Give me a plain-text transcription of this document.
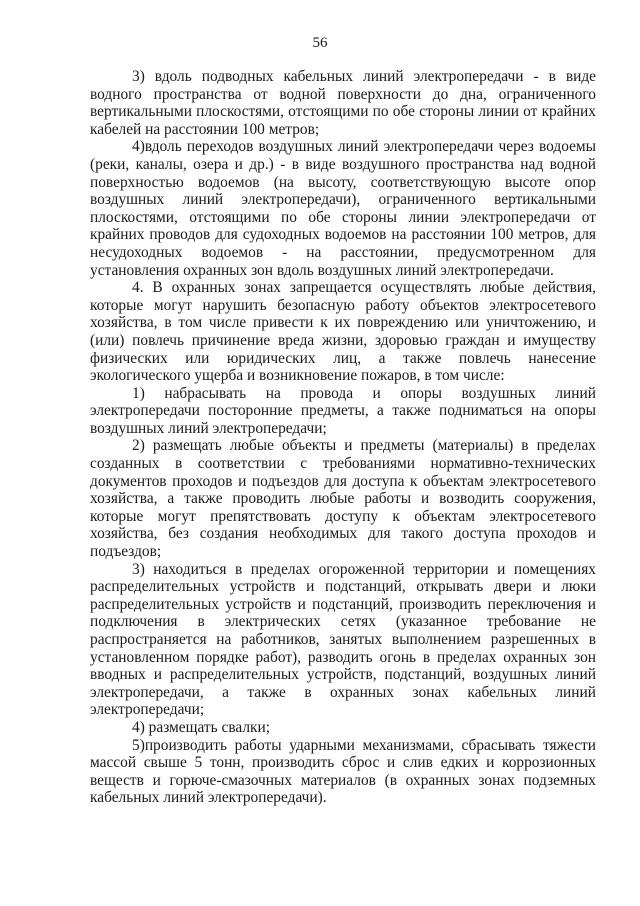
56

3) вдоль подводных кабельных линий электропередачи - в виде водного пространства от водной поверхности до дна, ограниченного вертикальными плоскостями, отстоящими по обе стороны линии от крайних кабелей на расстоянии 100 метров;

4)вдоль переходов воздушных линий электропередачи через водоемы (реки, каналы, озера и др.) - в виде воздушного пространства над водной поверхностью водоемов (на высоту, соответствующую высоте опор воздушных линий электропередачи), ограниченного вертикальными плоскостями, отстоящими по обе стороны линии электропередачи от крайних проводов для судоходных водоемов на расстоянии 100 метров, для несудоходных водоемов - на расстоянии, предусмотренном для установления охранных зон вдоль воздушных линий электропередачи.

4. В охранных зонах запрещается осуществлять любые действия, которые могут нарушить безопасную работу объектов электросетевого хозяйства, в том числе привести к их повреждению или уничтожению, и (или) повлечь причинение вреда жизни, здоровью граждан и имуществу физических или юридических лиц, а также повлечь нанесение экологического ущерба и возникновение пожаров, в том числе:

1) набрасывать на провода и опоры воздушных линий электропередачи посторонние предметы, а также подниматься на опоры воздушных линий электропередачи;

2) размещать любые объекты и предметы (материалы) в пределах созданных в соответствии с требованиями нормативно-технических документов проходов и подъездов для доступа к объектам электросетевого хозяйства, а также проводить любые работы и возводить сооружения, которые могут препятствовать доступу к объектам электросетевого хозяйства, без создания необходимых для такого доступа проходов и подъездов;

3) находиться в пределах огороженной территории и помещениях распределительных устройств и подстанций, открывать двери и люки распределительных устройств и подстанций, производить переключения и подключения в электрических сетях (указанное требование не распространяется на работников, занятых выполнением разрешенных в установленном порядке работ), разводить огонь в пределах охранных зон вводных и распределительных устройств, подстанций, воздушных линий электропередачи, а также в охранных зонах кабельных линий электропередачи;

4) размещать свалки;

5)производить работы ударными механизмами, сбрасывать тяжести массой свыше 5 тонн, производить сброс и слив едких и коррозионных веществ и горюче-смазочных материалов (в охранных зонах подземных кабельных линий электропередачи).
